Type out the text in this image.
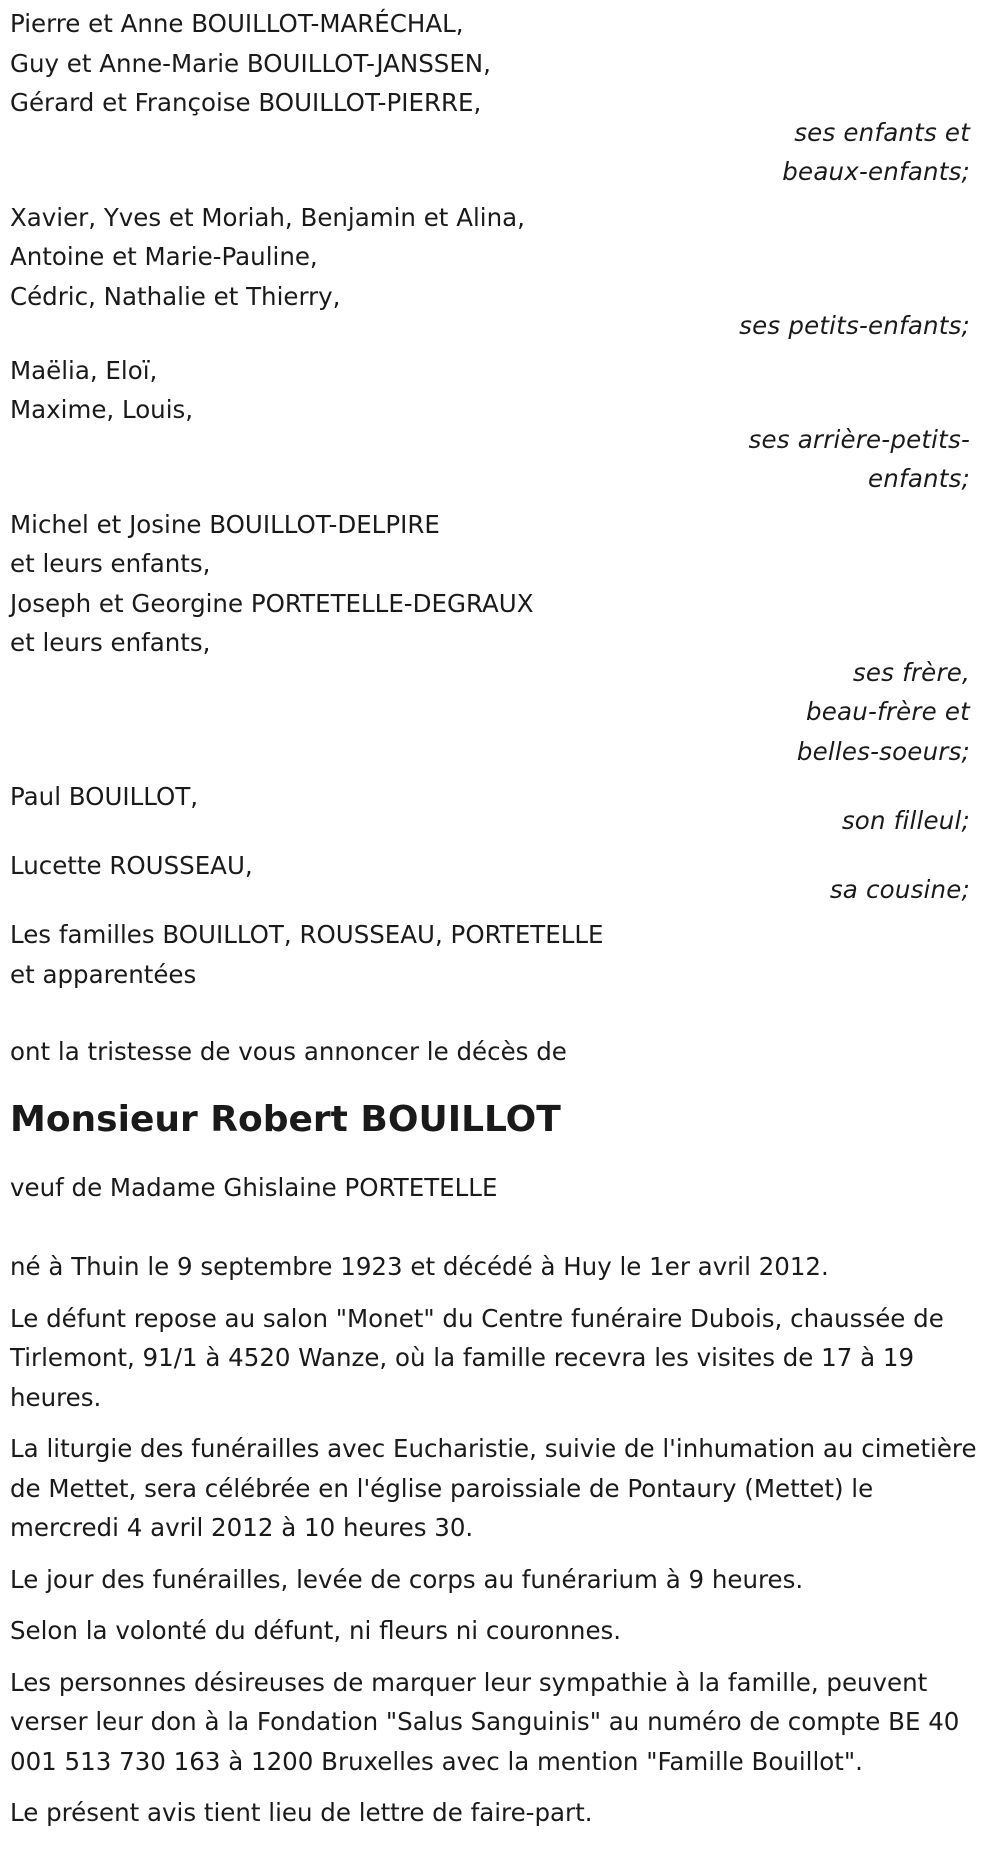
Pierre et Anne BOUILLOT-MARÉCHAL,
Guy et Anne-Marie BOUILLOT-JANSSEN,
Gérard et Françoise BOUILLOT-PIERRE,
ses enfants et
beaux-enfants;
Xavier, Yves et Moriah, Benjamin et Alina,
Antoine et Marie-Pauline,
Cédric, Nathalie et Thierry,
ses petits-enfants;
Maëlia, Eloï,
Maxime, Louis,
ses arrière-petits-
enfants;
Michel et Josine BOUILLOT-DELPIRE
et leurs enfants,
Joseph et Georgine PORTETELLE-DEGRAUX
et leurs enfants,
ses frère,
beau-frère et
belles-soeurs;
Paul BOUILLOT,
son filleul;
Lucette ROUSSEAU,
sa cousine;
Les familles BOUILLOT, ROUSSEAU, PORTETELLE
et apparentées
ont la tristesse de vous annoncer le décès de
Monsieur Robert BOUILLOT
veuf de Madame Ghislaine PORTETELLE
né à Thuin le 9 septembre 1923 et décédé à Huy le 1er avril 2012.
Le défunt repose au salon "Monet" du Centre funéraire Dubois, chaussée de Tirlemont, 91/1 à 4520 Wanze, où la famille recevra les visites de 17 à 19 heures.
La liturgie des funérailles avec Eucharistie, suivie de l'inhumation au cimetière de Mettet, sera célébrée en l'église paroissiale de Pontaury (Mettet) le mercredi 4 avril 2012 à 10 heures 30.
Le jour des funérailles, levée de corps au funérarium à 9 heures.
Selon la volonté du défunt, ni fleurs ni couronnes.
Les personnes désireuses de marquer leur sympathie à la famille, peuvent verser leur don à la Fondation "Salus Sanguinis" au numéro de compte BE 40 001 513 730 163 à 1200 Bruxelles avec la mention "Famille Bouillot".
Le présent avis tient lieu de lettre de faire-part.
